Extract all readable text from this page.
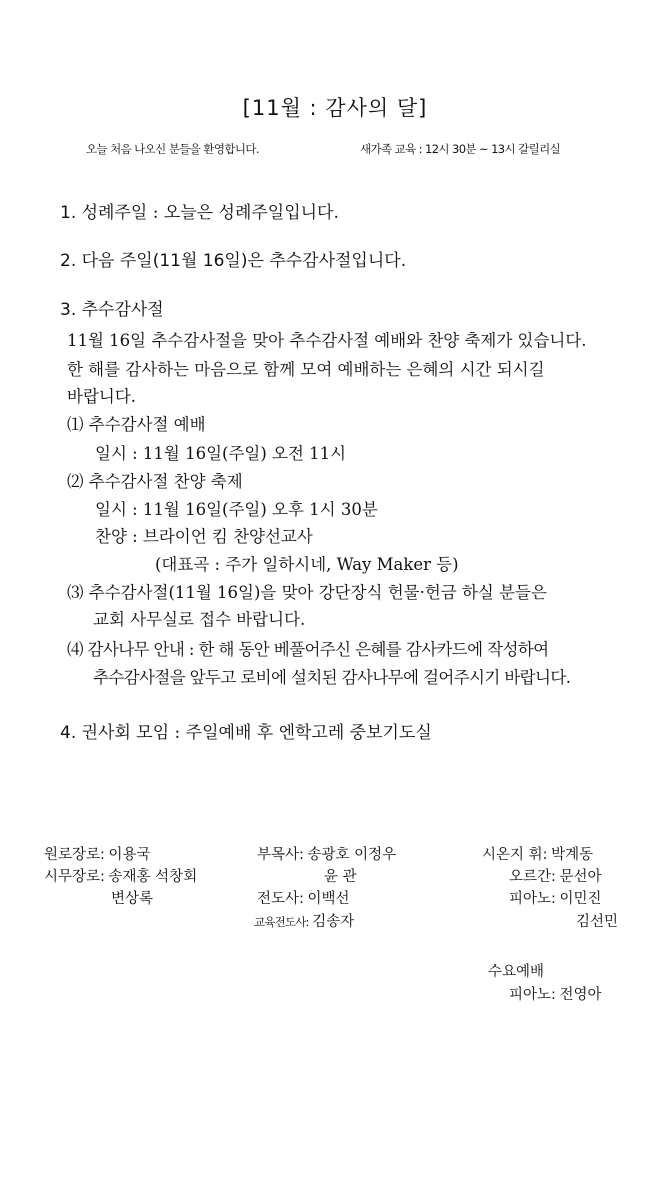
[11월 : 감사의 달]
오늘 처음 나오신 분들을 환영합니다.	새가족 교육 : 12시 30분 ~ 13시 갈릴리실
1. 성례주일 : 오늘은 성례주일입니다.
2. 다음 주일(11월 16일)은 추수감사절입니다.
3. 추수감사절
11월 16일 추수감사절을 맞아 추수감사절 예배와 찬양 축제가 있습니다.
한 해를 감사하는 마음으로 함께 모여 예배하는 은혜의 시간 되시길
바랍니다.
⑴ 추수감사절 예배
일시 : 11월 16일(주일) 오전 11시
⑵ 추수감사절 찬양 축제
일시 : 11월 16일(주일) 오후 1시 30분
찬양 : 브라이언 킴 찬양선교사
(대표곡 : 주가 일하시네, Way Maker 등)
⑶ 추수감사절(11월 16일)을 맞아 강단장식 헌물·헌금 하실 분들은
교회 사무실로 접수 바랍니다.
⑷ 감사나무 안내 : 한 해 동안 베풀어주신 은혜를 감사카드에 작성하여
추수감사절을 앞두고 로비에 설치된 감사나무에 걸어주시기 바랍니다.
4. 권사회 모임 : 주일예배 후 엔학고레 중보기도실
원로장로: 이용국
시무장로: 송재홍 석창회
변상록
부목사: 송광호 이정우
윤 관
전도사: 이백선
교육전도사: 김송자
시온지 휘: 박계동
오르간: 문선아
피아노: 이민진
김선민
수요예배
피아노: 전영아
